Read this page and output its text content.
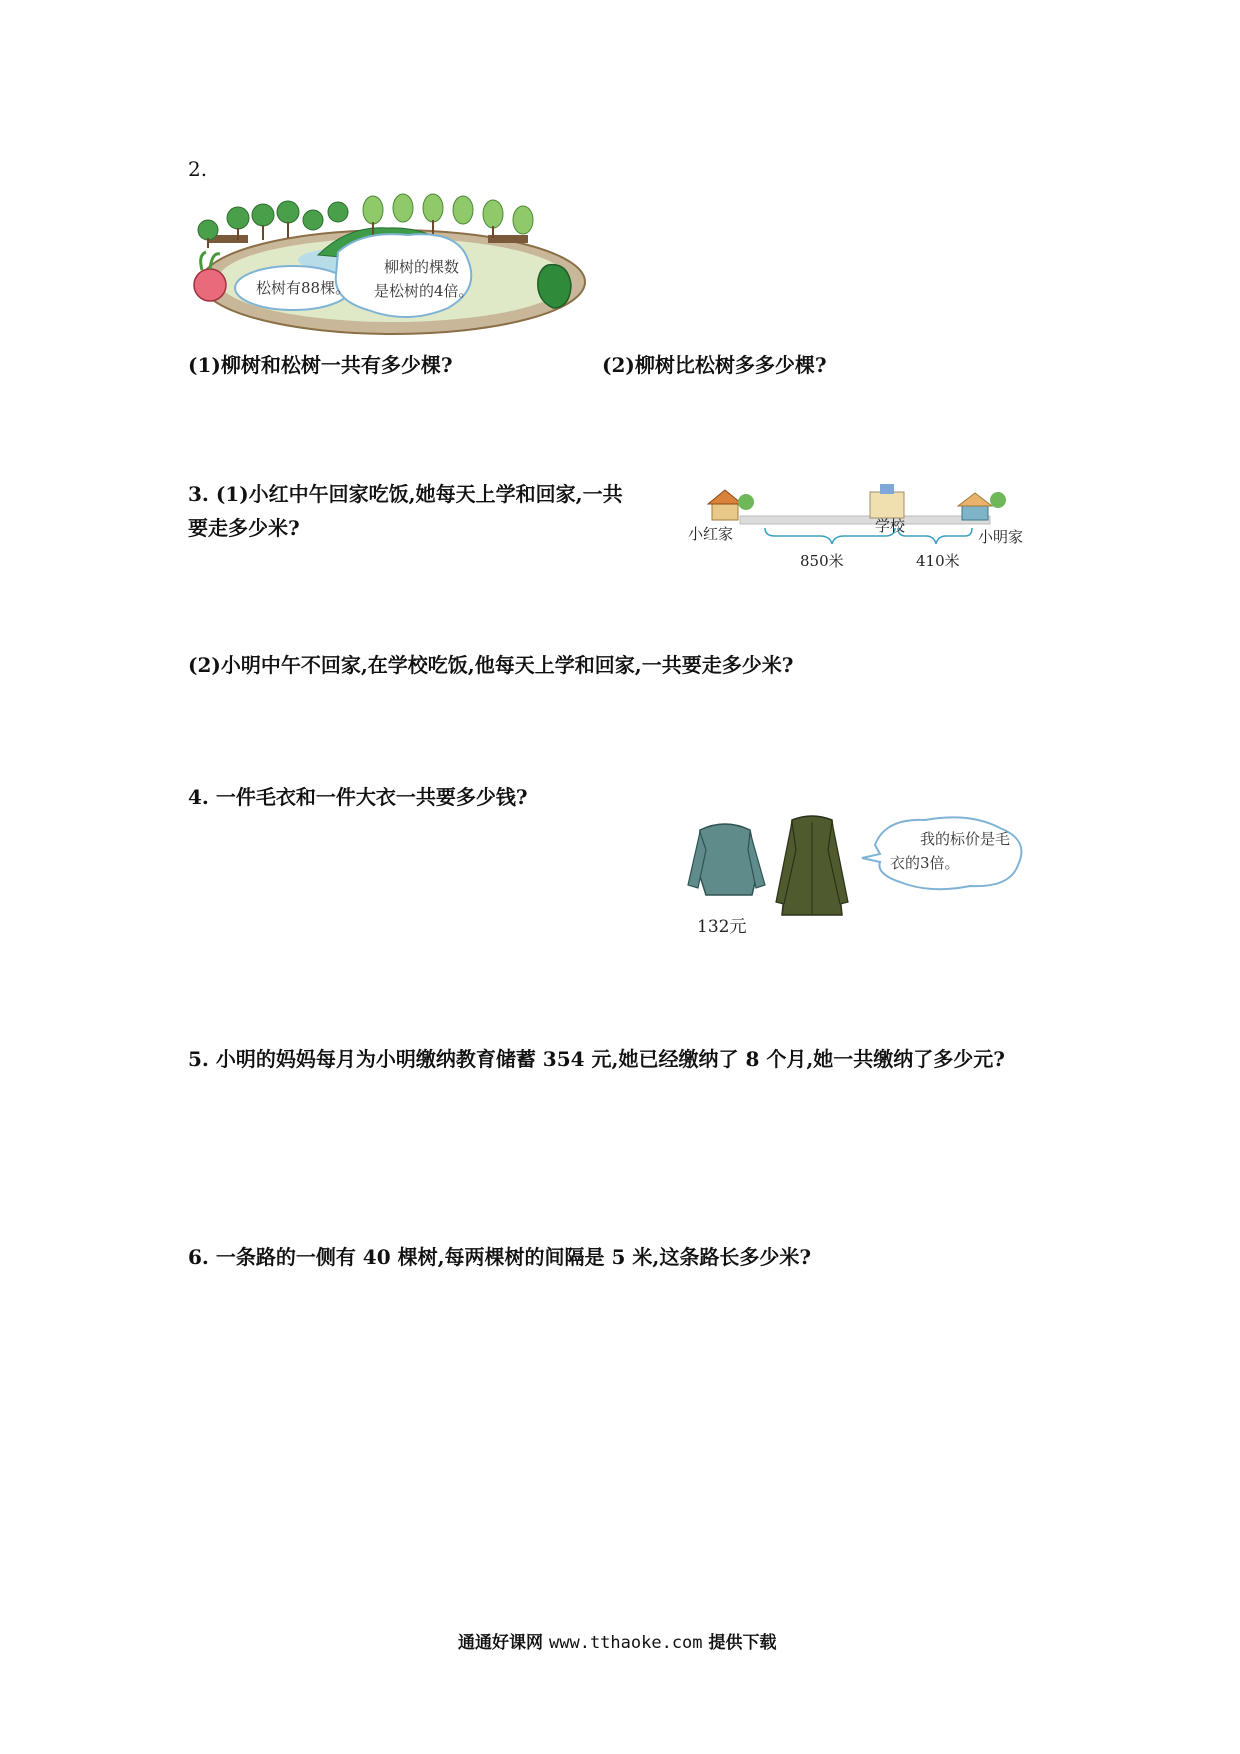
2.
松树有88棵。
柳树的棵数
是松树的4倍。
(1)柳树和松树一共有多少棵?	(2)柳树比松树多多少棵?
3. (1)小红中午回家吃饭,她每天上学和回家,一共
要走多少米?	小红家	学校
小明家
850米	410米
(2)小明中午不回家,在学校吃饭,他每天上学和回家,一共要走多少米?
4. 一件毛衣和一件大衣一共要多少钱?
132元
我的标价是毛
衣的3倍。
5. 小明的妈妈每月为小明缴纳教育储蓄 354 元,她已经缴纳了 8 个月,她一共缴纳了多少元?
6. 一条路的一侧有 40 棵树,每两棵树的间隔是 5 米,这条路长多少米?
通通好课网 www.tthaoke.com 提供下载
